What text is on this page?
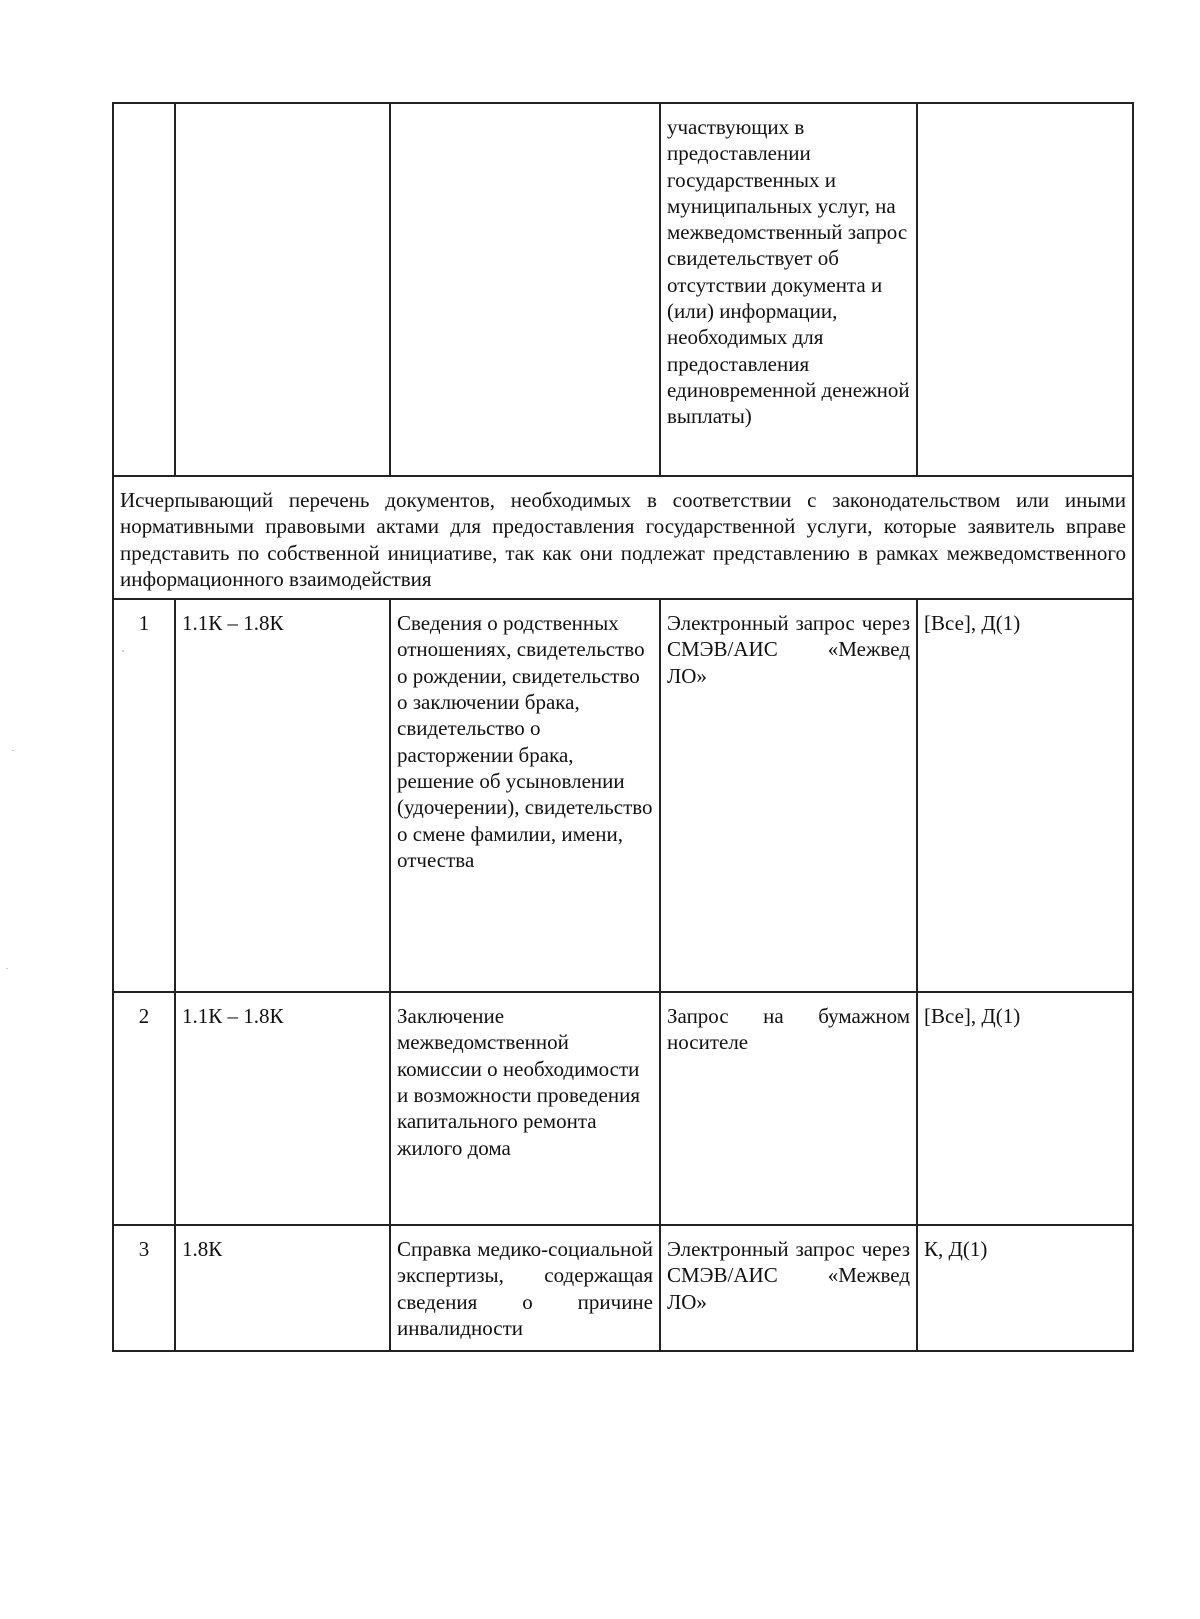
			участвующих в предоставлении государственных и муниципальных услуг, на межведомственный запрос свидетельствует об отсутствии документа и (или) информации, необходимых для предоставления единовременной денежной выплаты)	

Исчерпывающий перечень документов, необходимых в соответствии с законодательством или иными нормативными правовыми актами для предоставления государственной услуги, которые заявитель вправе представить по собственной инициативе, так как они подлежат представлению в рамках межведомственного информационного взаимодействия				
1	1.1К – 1.8К	Сведения о родственных отношениях, свидетельство о рождении, свидетельство о заключении брака, свидетельство о расторжении брака, решение об усыновлении (удочерении), свидетельство о смене фамилии, имени, отчества	Электронный запрос через СМЭВ/АИС «Межвед ЛО»	[Все], Д(1)
2	1.1К – 1.8К	Заключение межведомственной комиссии о необходимости и возможности проведения капитального ремонта жилого дома	Запрос на бумажном носителе	[Все], Д(1)
3	1.8К	Справка медико-социальной экспертизы, содержащая сведения о причине инвалидности	Электронный запрос через СМЭВ/АИС «Межвед ЛО»	К, Д(1)
